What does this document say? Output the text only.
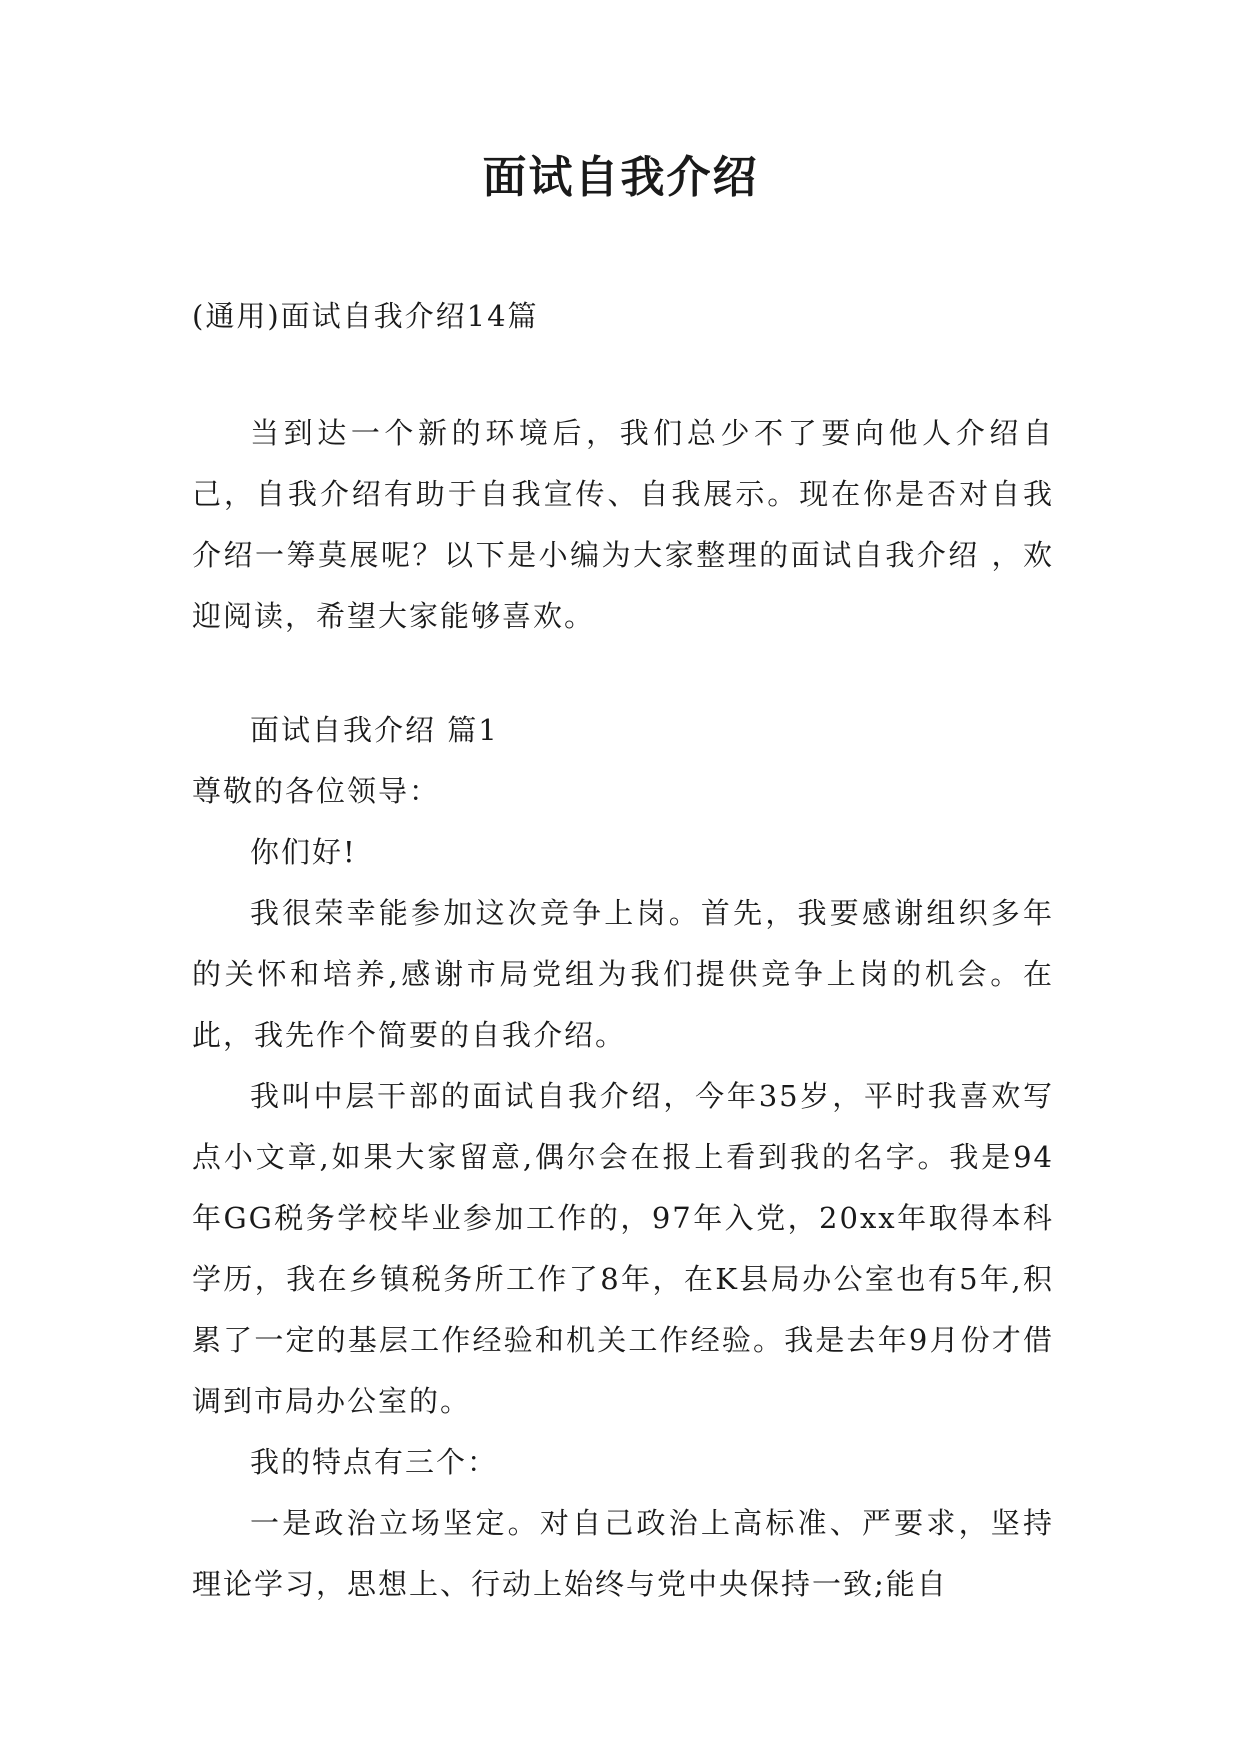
面试自我介绍
(通用)面试自我介绍14篇

当到达一个新的环境后，我们总少不了要向他人介绍自己，自我介绍有助于自我宣传、自我展示。现在你是否对自我介绍一筹莫展呢？以下是小编为大家整理的面试自我介绍 ，欢迎阅读，希望大家能够喜欢。

面试自我介绍 篇1

尊敬的各位领导：

你们好!

我很荣幸能参加这次竞争上岗。首先，我要感谢组织多年的关怀和培养,感谢市局党组为我们提供竞争上岗的机会。在此，我先作个简要的自我介绍。

我叫中层干部的面试自我介绍，今年35岁，平时我喜欢写点小文章,如果大家留意,偶尔会在报上看到我的名字。我是94年GG税务学校毕业参加工作的，97年入党，20xx年取得本科学历，我在乡镇税务所工作了8年，在K县局办公室也有5年,积累了一定的基层工作经验和机关工作经验。我是去年9月份才借调到市局办公室的。

我的特点有三个：

一是政治立场坚定。对自己政治上高标准、严要求，坚持理论学习，思想上、行动上始终与党中央保持一致;能自
